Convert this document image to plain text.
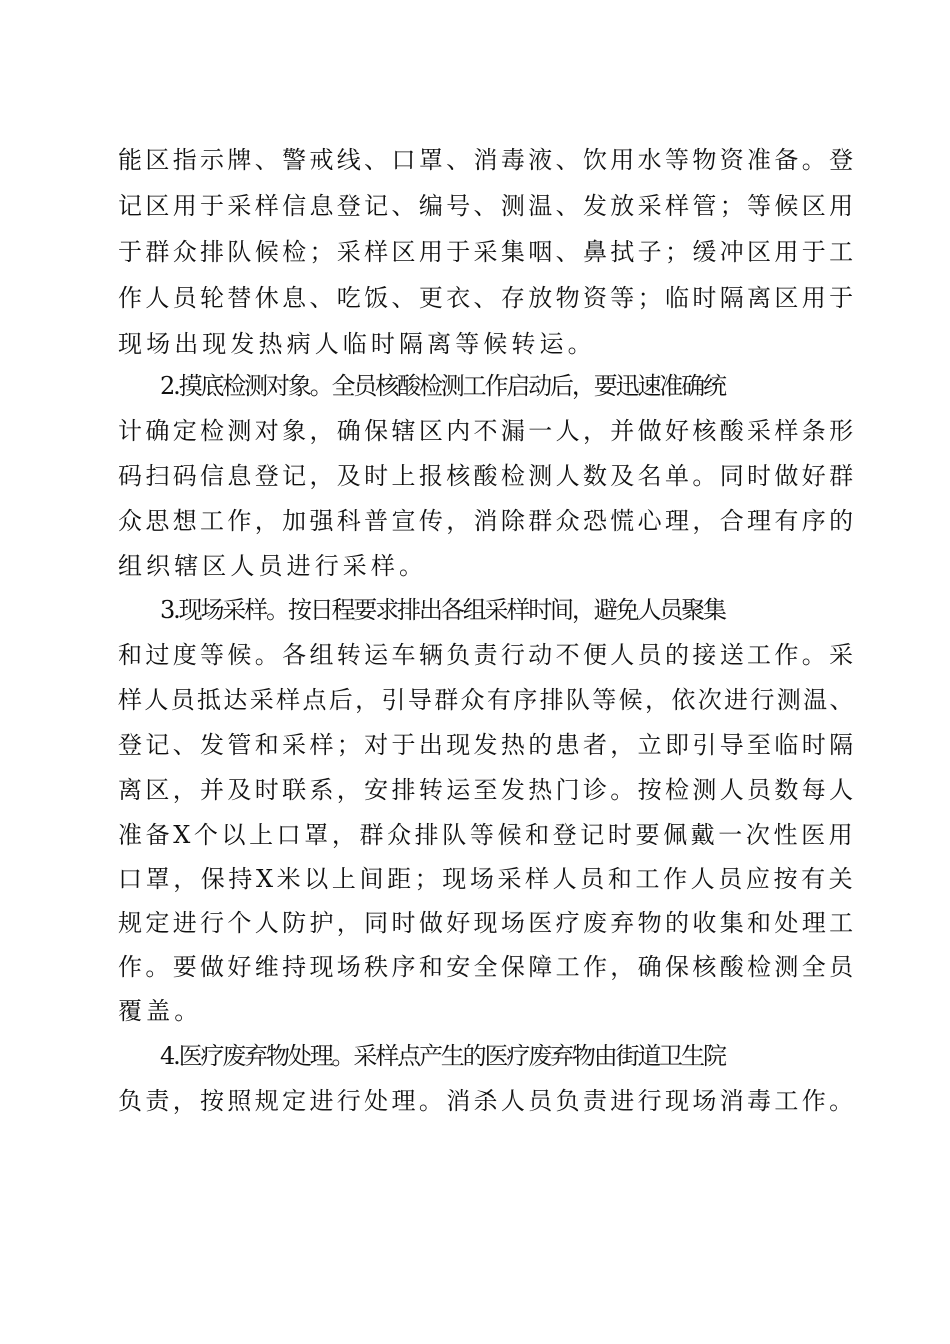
能区指示牌、警戒线、口罩、消毒液、饮用水等物资准备。登
记区用于采样信息登记、编号、测温、发放采样管；等候区用
于群众排队候检；采样区用于采集咽、鼻拭子；缓冲区用于工
作人员轮替休息、吃饭、更衣、存放物资等；临时隔离区用于
现场出现发热病人临时隔离等候转运。
2.摸底检测对象。全员核酸检测工作启动后，要迅速准确统
计确定检测对象，确保辖区内不漏一人，并做好核酸采样条形
码扫码信息登记，及时上报核酸检测人数及名单。同时做好群
众思想工作，加强科普宣传，消除群众恐慌心理，合理有序的
组织辖区人员进行采样。
3.现场采样。按日程要求排出各组采样时间，避免人员聚集
和过度等候。各组转运车辆负责行动不便人员的接送工作。采
样人员抵达采样点后，引导群众有序排队等候，依次进行测温、
登记、发管和采样；对于出现发热的患者，立即引导至临时隔
离区，并及时联系，安排转运至发热门诊。按检测人员数每人
准备X个以上口罩，群众排队等候和登记时要佩戴一次性医用
口罩，保持X米以上间距；现场采样人员和工作人员应按有关
规定进行个人防护，同时做好现场医疗废弃物的收集和处理工
作。要做好维持现场秩序和安全保障工作，确保核酸检测全员
覆盖。
4.医疗废弃物处理。采样点产生的医疗废弃物由街道卫生院
负责，按照规定进行处理。消杀人员负责进行现场消毒工作。
